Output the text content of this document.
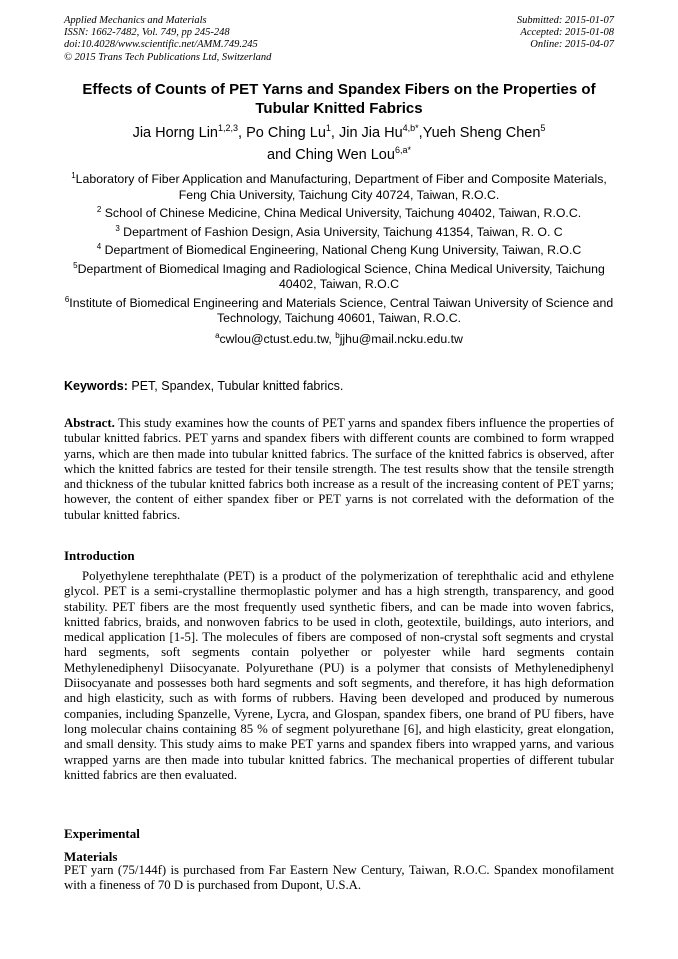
Applied Mechanics and Materials
ISSN: 1662-7482, Vol. 749, pp 245-248
doi:10.4028/www.scientific.net/AMM.749.245
© 2015 Trans Tech Publications Ltd, Switzerland
Submitted: 2015-01-07
Accepted: 2015-01-08
Online: 2015-04-07
Effects of Counts of PET Yarns and Spandex Fibers on the Properties of
Tubular Knitted Fabrics
Jia Horng Lin$^{1,2,3}$, Po Ching Lu$^1$, Jin Jia $Hu^{4,b*},Yueh$ Sheng Chen$^5$
and Ching Wen Lou$^{6,a*}$
$^1$Laboratory of Fiber Application and Manufacturing, Department of Fiber and Composite Materials, Feng Chia University, Taichung City 40724, Taiwan, R.O.C.
$^2$ School of Chinese Medicine, China Medical University, Taichung 40402, Taiwan, R.O.C.
$^3$ Department of Fashion Design, Asia University, Taichung 41354, Taiwan, R. O. C
$^4$ Department of Biomedical Engineering, National Cheng Kung University, Taiwan, R.O.C
$^5$Department of Biomedical Imaging and Radiological Science, China Medical University, Taichung 40402, Taiwan, R.O.C
$^6$Institute of Biomedical Engineering and Materials Science, Central Taiwan University of Science and Technology, Taichung 40601, Taiwan, R.O.C.
$^a$cwlou@ctust.edu.tw, $^b$jjhu@mail.ncku.edu.tw
Keywords: PET, Spandex, Tubular knitted fabrics.
Abstract. This study examines how the counts of PET yarns and spandex fibers influence the properties of tubular knitted fabrics. PET yarns and spandex fibers with different counts are combined to form wrapped yarns, which are then made into tubular knitted fabrics. The surface of the knitted fabrics is observed, after which the knitted fabrics are tested for their tensile strength. The test results show that the tensile strength and thickness of the tubular knitted fabrics both increase as a result of the increasing content of PET yarns; however, the content of either spandex fiber or PET yarns is not correlated with the deformation of the tubular knitted fabrics.
Introduction
Polyethylene terephthalate (PET) is a product of the polymerization of terephthalic acid and ethylene glycol. PET is a semi-crystalline thermoplastic polymer and has a high strength, transparency, and good stability. PET fibers are the most frequently used synthetic fibers, and can be made into woven fabrics, knitted fabrics, braids, and nonwoven fabrics to be used in cloth, geotextile, buildings, auto interiors, and medical application [1-5]. The molecules of fibers are composed of non-crystal soft segments and crystal hard segments, soft segments contain polyether or polyester while hard segments contain Methylenediphenyl Diisocyanate. Polyurethane (PU) is a polymer that consists of Methylenediphenyl Diisocyanate and possesses both hard segments and soft segments, and therefore, it has high deformation and high elasticity, such as with forms of rubbers. Having been developed and produced by numerous companies, including Spanzelle, Vyrene, Lycra, and Glospan, spandex fibers, one brand of PU fibers, have long molecular chains containing 85 % of segment polyurethane [6], and high elasticity, great elongation, and small density. This study aims to make PET yarns and spandex fibers into wrapped yarns, and various wrapped yarns are then made into tubular knitted fabrics. The mechanical properties of different tubular knitted fabrics are then evaluated.
Experimental
Materials
PET yarn (75/144f) is purchased from Far Eastern New Century, Taiwan, R.O.C. Spandex monofilament with a fineness of 70 D is purchased from Dupont, U.S.A.
